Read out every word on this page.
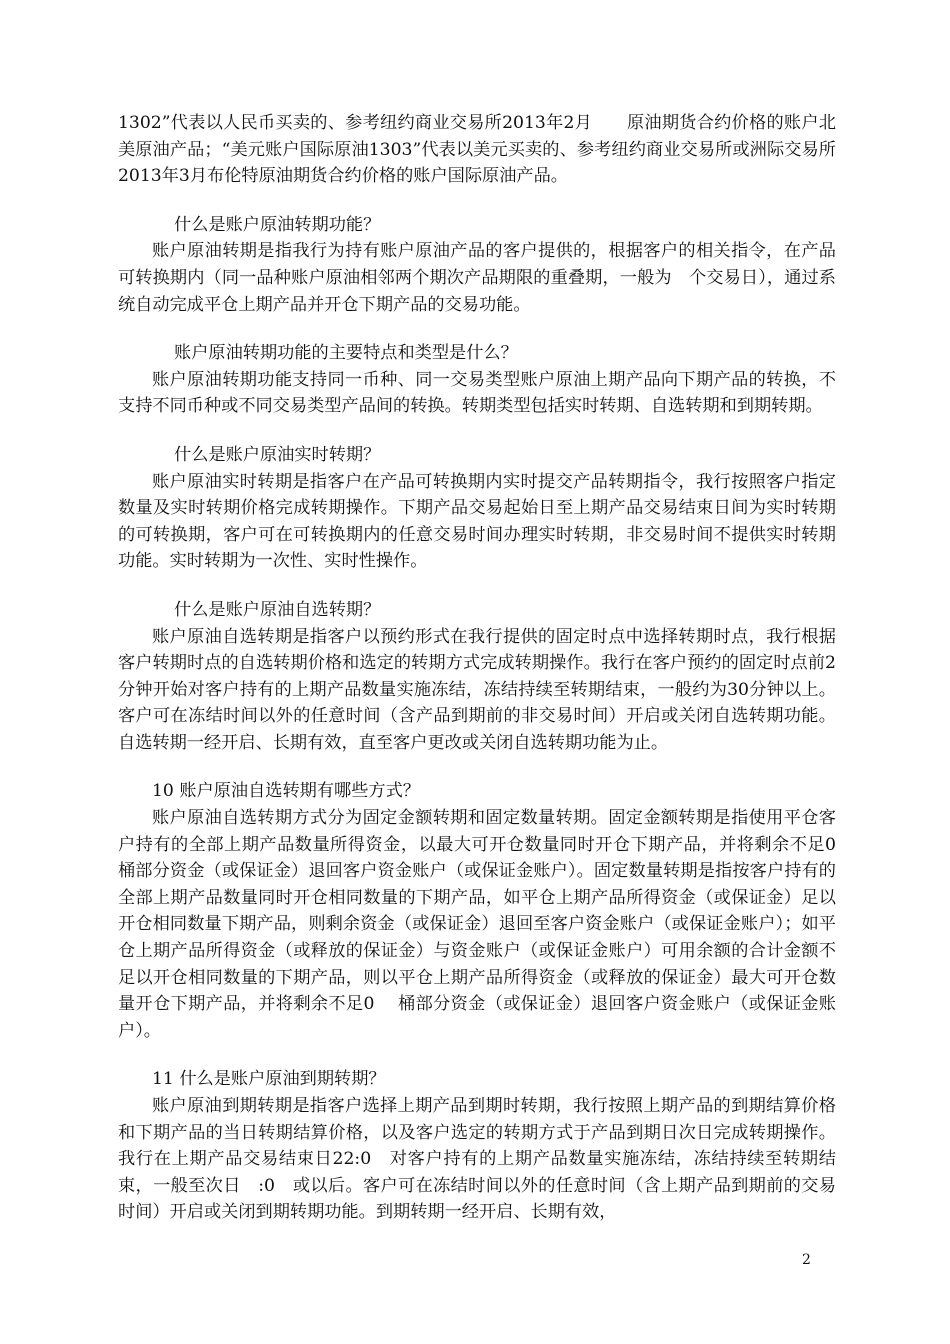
1302”代表以人民币买卖的、参考纽约商业交易所2013年2月　　原油期货合约价格的账户北美原油产品；“美元账户国际原油1303”代表以美元买卖的、参考纽约商业交易所或洲际交易所2013年3月布伦特原油期货合约价格的账户国际原油产品。

什么是账户原油转期功能？

账户原油转期是指我行为持有账户原油产品的客户提供的，根据客户的相关指令，在产品可转换期内（同一品种账户原油相邻两个期次产品期限的重叠期，一般为　个交易日），通过系统自动完成平仓上期产品并开仓下期产品的交易功能。

账户原油转期功能的主要特点和类型是什么？

账户原油转期功能支持同一币种、同一交易类型账户原油上期产品向下期产品的转换，不支持不同币种或不同交易类型产品间的转换。转期类型包括实时转期、自选转期和到期转期。

什么是账户原油实时转期？

账户原油实时转期是指客户在产品可转换期内实时提交产品转期指令，我行按照客户指定数量及实时转期价格完成转期操作。下期产品交易起始日至上期产品交易结束日间为实时转期的可转换期，客户可在可转换期内的任意交易时间办理实时转期，非交易时间不提供实时转期功能。实时转期为一次性、实时性操作。

什么是账户原油自选转期？

账户原油自选转期是指客户以预约形式在我行提供的固定时点中选择转期时点，我行根据客户转期时点的自选转期价格和选定的转期方式完成转期操作。我行在客户预约的固定时点前2　分钟开始对客户持有的上期产品数量实施冻结，冻结持续至转期结束，一般约为30分钟以上。客户可在冻结时间以外的任意时间（含产品到期前的非交易时间）开启或关闭自选转期功能。自选转期一经开启、长期有效，直至客户更改或关闭自选转期功能为止。

10 账户原油自选转期有哪些方式？

账户原油自选转期方式分为固定金额转期和固定数量转期。固定金额转期是指使用平仓客户持有的全部上期产品数量所得资金，以最大可开仓数量同时开仓下期产品，并将剩余不足0　 桶部分资金（或保证金）退回客户资金账户（或保证金账户）。固定数量转期是指按客户持有的全部上期产品数量同时开仓相同数量的下期产品，如平仓上期产品所得资金（或保证金）足以开仓相同数量下期产品，则剩余资金（或保证金）退回至客户资金账户（或保证金账户）；如平仓上期产品所得资金（或释放的保证金）与资金账户（或保证金账户）可用余额的合计金额不足以开仓相同数量的下期产品，则以平仓上期产品所得资金（或释放的保证金）最大可开仓数量开仓下期产品，并将剩余不足0　 桶部分资金（或保证金）退回客户资金账户（或保证金账户）。

11 什么是账户原油到期转期？

账户原油到期转期是指客户选择上期产品到期时转期，我行按照上期产品的到期结算价格和下期产品的当日转期结算价格，以及客户选定的转期方式于产品到期日次日完成转期操作。我行在上期产品交易结束日22:0　对客户持有的上期产品数量实施冻结，冻结持续至转期结束，一般至次日　:0　或以后。客户可在冻结时间以外的任意时间（含上期产品到期前的交易时间）开启或关闭到期转期功能。到期转期一经开启、长期有效，

2
